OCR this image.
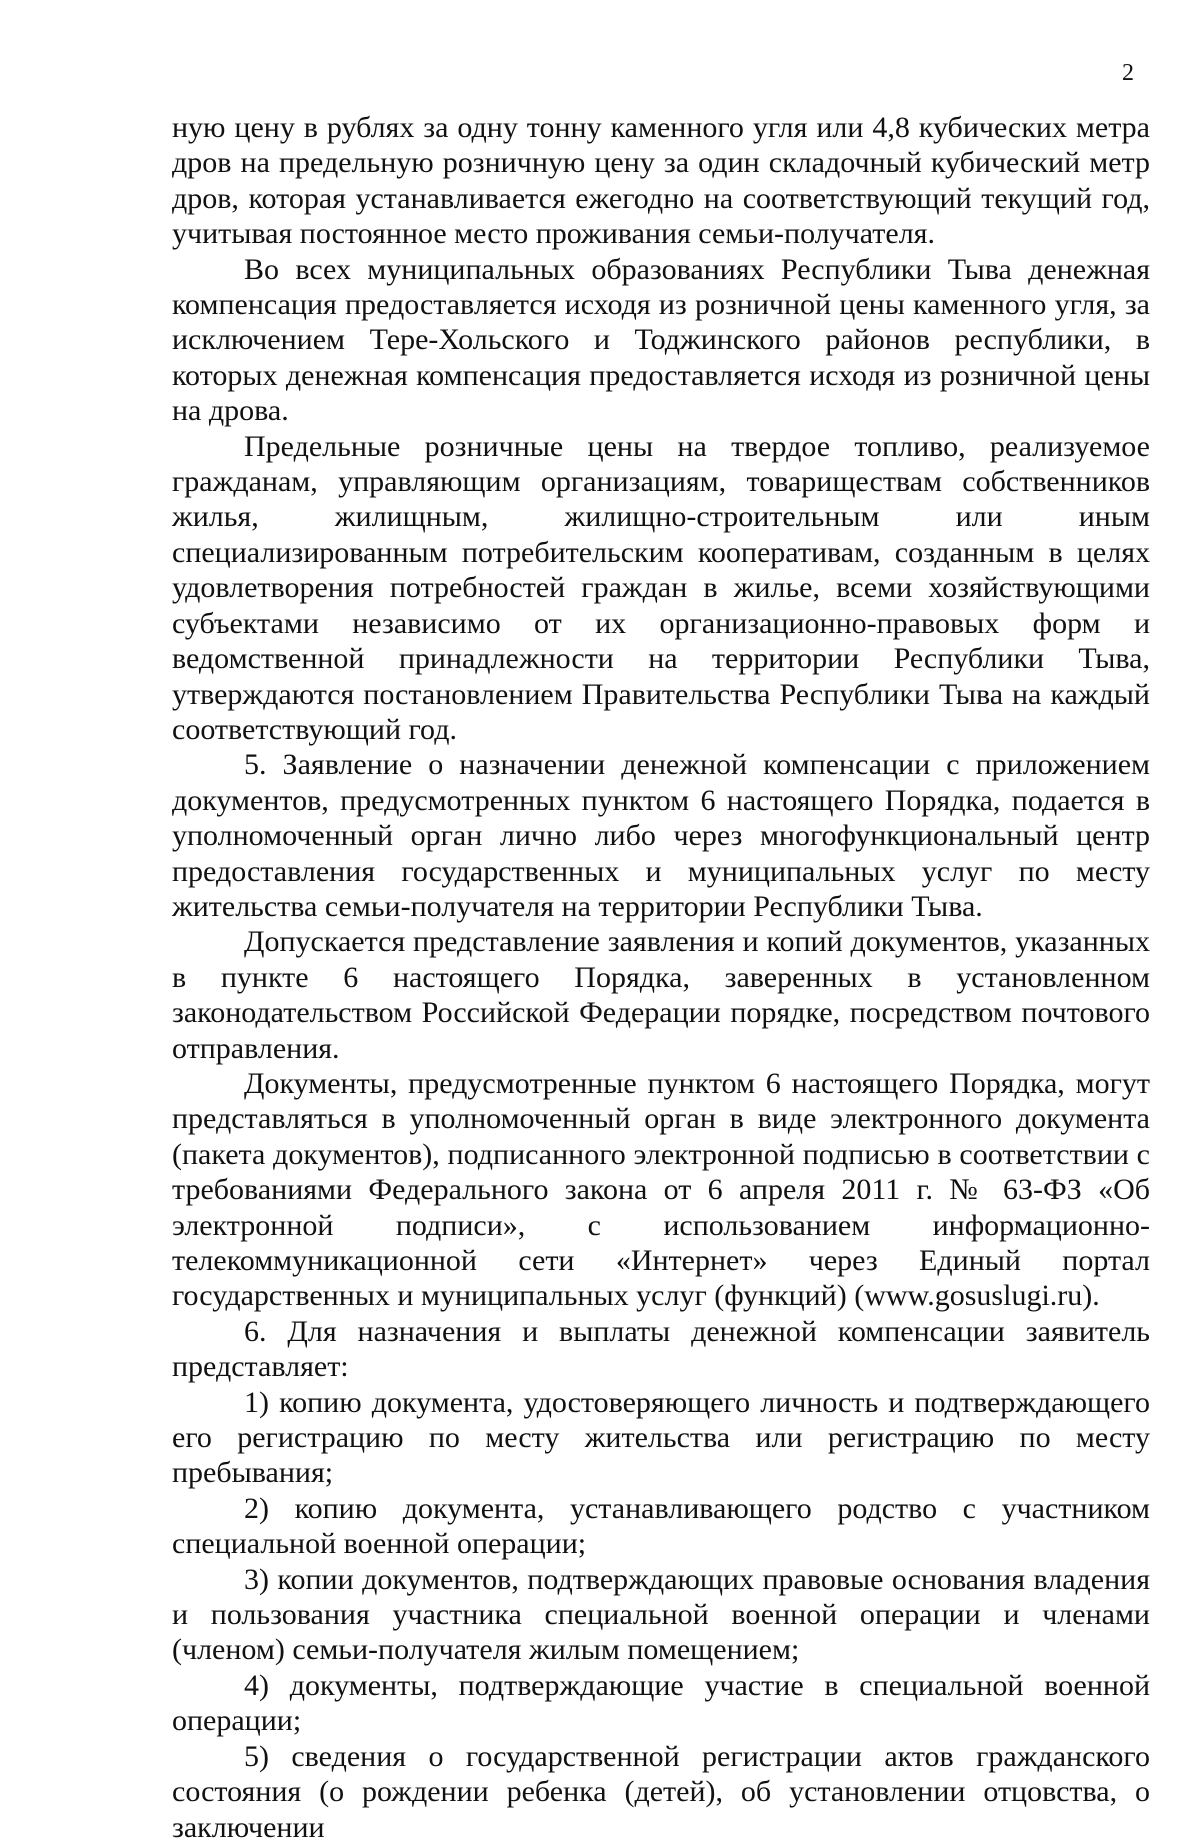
2

ную цену в рублях за одну тонну каменного угля или 4,8 кубических метра дров на предельную розничную цену за один складочный кубический метр дров, которая устанавливается ежегодно на соответствующий текущий год, учитывая постоянное место проживания семьи-получателя.

Во всех муниципальных образованиях Республики Тыва денежная компенсация предоставляется исходя из розничной цены каменного угля, за исключением Тере-Хольского и Тоджинского районов республики, в которых денежная компенсация предоставляется исходя из розничной цены на дрова.

Предельные розничные цены на твердое топливо, реализуемое гражданам, управляющим организациям, товариществам собственников жилья, жилищным, жилищно-строительным или иным специализированным потребительским кооперативам, созданным в целях удовлетворения потребностей граждан в жилье, всеми хозяйствующими субъектами независимо от их организационно-правовых форм и ведомственной принадлежности на территории Республики Тыва, утверждаются постановлением Правительства Республики Тыва на каждый соответствующий год.

5. Заявление о назначении денежной компенсации с приложением документов, предусмотренных пунктом 6 настоящего Порядка, подается в уполномоченный орган лично либо через многофункциональный центр предоставления государственных и муниципальных услуг по месту жительства семьи-получателя на территории Республики Тыва.

Допускается представление заявления и копий документов, указанных в пункте 6 настоящего Порядка, заверенных в установленном законодательством Российской Федерации порядке, посредством почтового отправления.

Документы, предусмотренные пунктом 6 настоящего Порядка, могут представляться в уполномоченный орган в виде электронного документа (пакета документов), подписанного электронной подписью в соответствии с требованиями Федерального закона от 6 апреля 2011 г. № 63-ФЗ «Об электронной подписи», с использованием информационно-телекоммуникационной сети «Интернет» через Единый портал государственных и муниципальных услуг (функций) (www.gosuslugi.ru).

6. Для назначения и выплаты денежной компенсации заявитель представляет:

1) копию документа, удостоверяющего личность и подтверждающего его регистрацию по месту жительства или регистрацию по месту пребывания;

2) копию документа, устанавливающего родство с участником специальной военной операции;

3) копии документов, подтверждающих правовые основания владения и пользования участника специальной военной операции и членами (членом) семьи-получателя жилым помещением;

4) документы, подтверждающие участие в специальной военной операции;

5) сведения о государственной регистрации актов гражданского состояния (о рождении ребенка (детей), об установлении отцовства, о заключении
